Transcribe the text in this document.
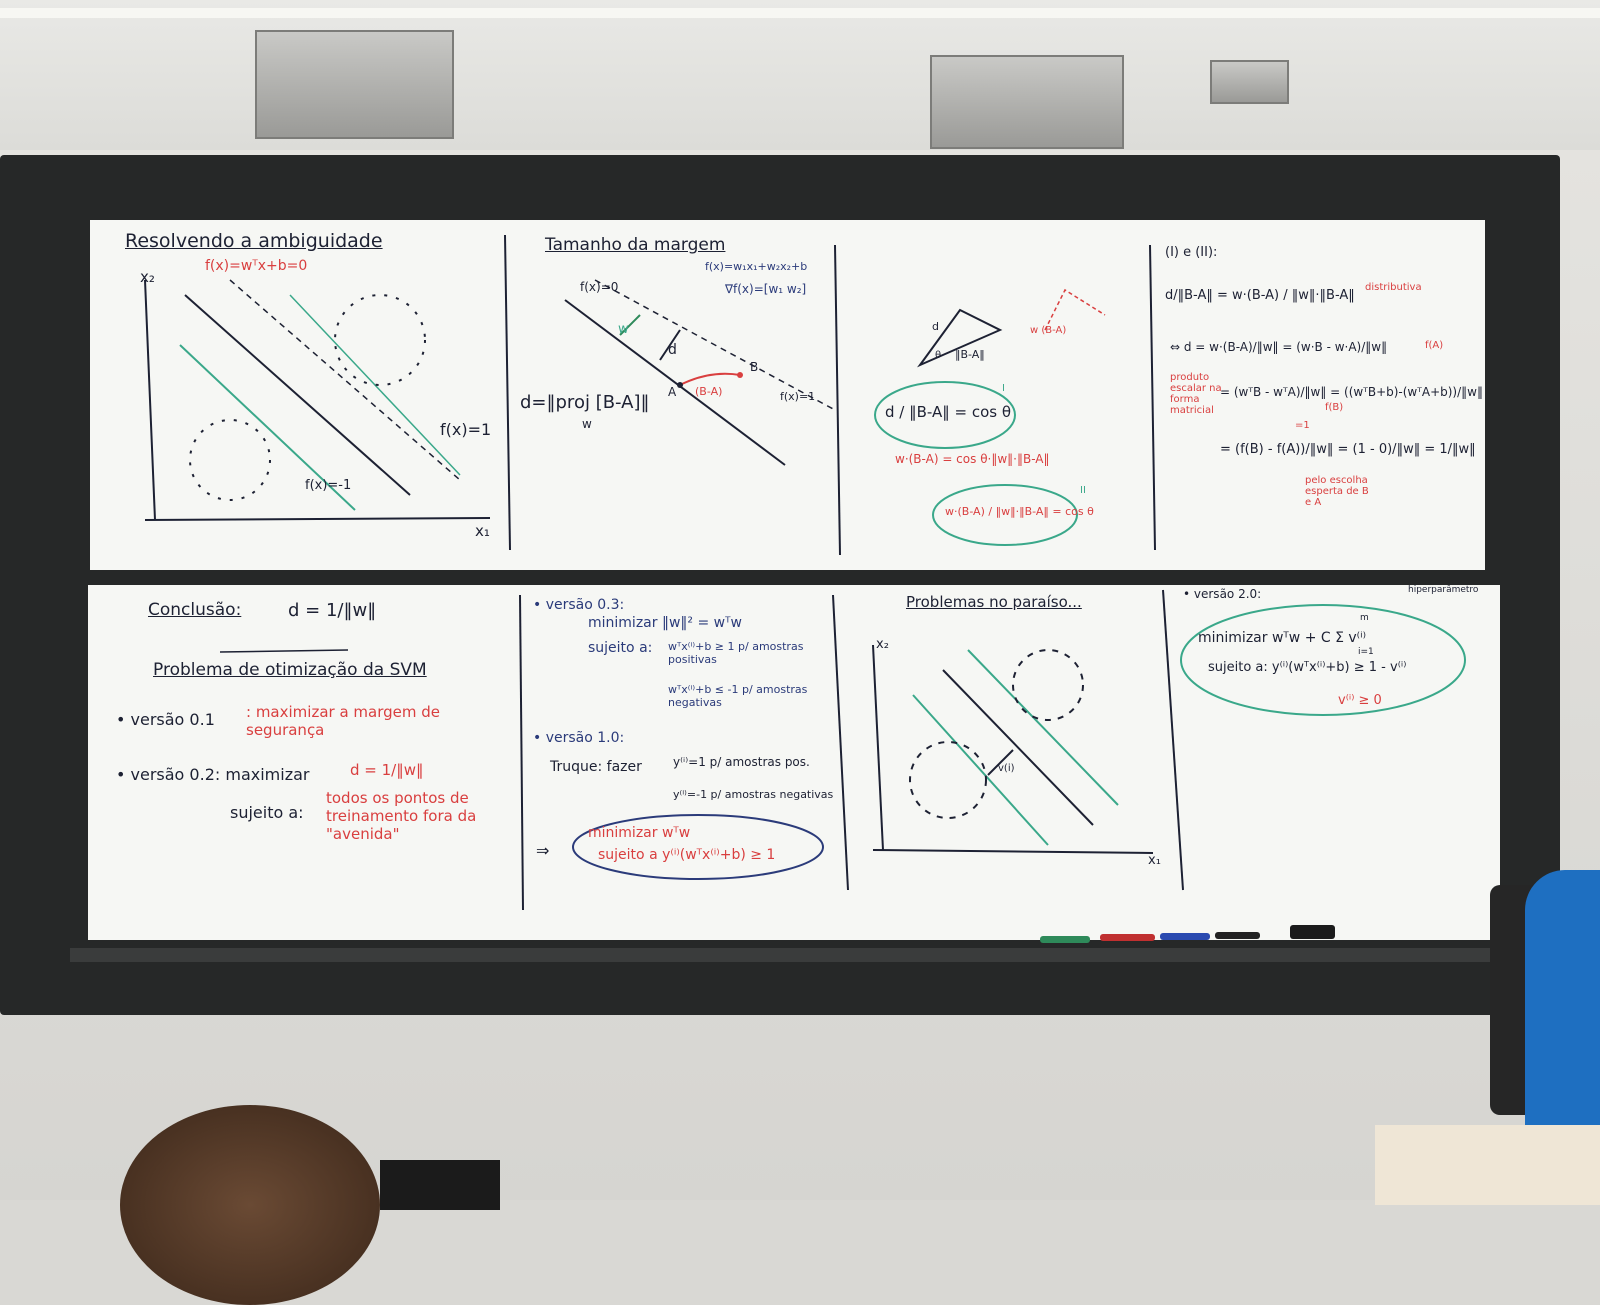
Resolvendo a ambiguidade
f(x)=wᵀx+b=0
x₂
f(x)=1
f(x)=-1
x₁
Tamanho da margem
f(x)=w₁x₁+w₂x₂+b
∇f(x)=[w₁ w₂]
f(x)=0
w
d
A
B
(B-A)
d=‖proj [B-A]‖
w
f(x)=1
d
θ ‖B-A‖
w (B-A)
d / ‖B-A‖ = cos θ
I
w·(B-A) = cos θ·‖w‖·‖B-A‖
w·(B-A) / ‖w‖·‖B-A‖ = cos θ
II
(I) e (II):
d/‖B-A‖ = w·(B-A) / ‖w‖·‖B-A‖
distributiva
⇔ d = w·(B-A)/‖w‖ = (w·B - w·A)/‖w‖	f(A)
produto escalar na forma matricial
= (wᵀB - wᵀA)/‖w‖ = ((wᵀB+b)-(wᵀA+b))/‖w‖
f(B)
=1
= (f(B) - f(A))/‖w‖ = (1 - 0)/‖w‖ = 1/‖w‖
pelo escolha esperta de B e A
Conclusão:	d = 1/‖w‖
Problema de otimização da SVM
• versão 0.1 : maximizar a margem de segurança
• versão 0.2: maximizar	d = 1/‖w‖
sujeito a:
todos os pontos de treinamento fora da "avenida"
• versão 0.3:
minimizar ‖w‖² = wᵀw
sujeito a: wᵀx⁽ⁱ⁾+b ≥ 1 p/ amostras positivas
wᵀx⁽ⁱ⁾+b ≤ -1 p/ amostras negativas
• versão 1.0:
Truque: fazer	y⁽ⁱ⁾=1 p/ amostras pos.
y⁽ⁱ⁾=-1 p/ amostras negativas
⇒
minimizar wᵀw
sujeito a y⁽ⁱ⁾(wᵀx⁽ⁱ⁾+b) ≥ 1
Problemas no paraíso...
x₂
x₁
v(i)
• versão 2.0:	hiperparâmetro
m
minimizar wᵀw + C Σ v⁽ⁱ⁾
i=1
sujeito a: y⁽ⁱ⁾(wᵀx⁽ⁱ⁾+b) ≥ 1 - v⁽ⁱ⁾
v⁽ⁱ⁾ ≥ 0
